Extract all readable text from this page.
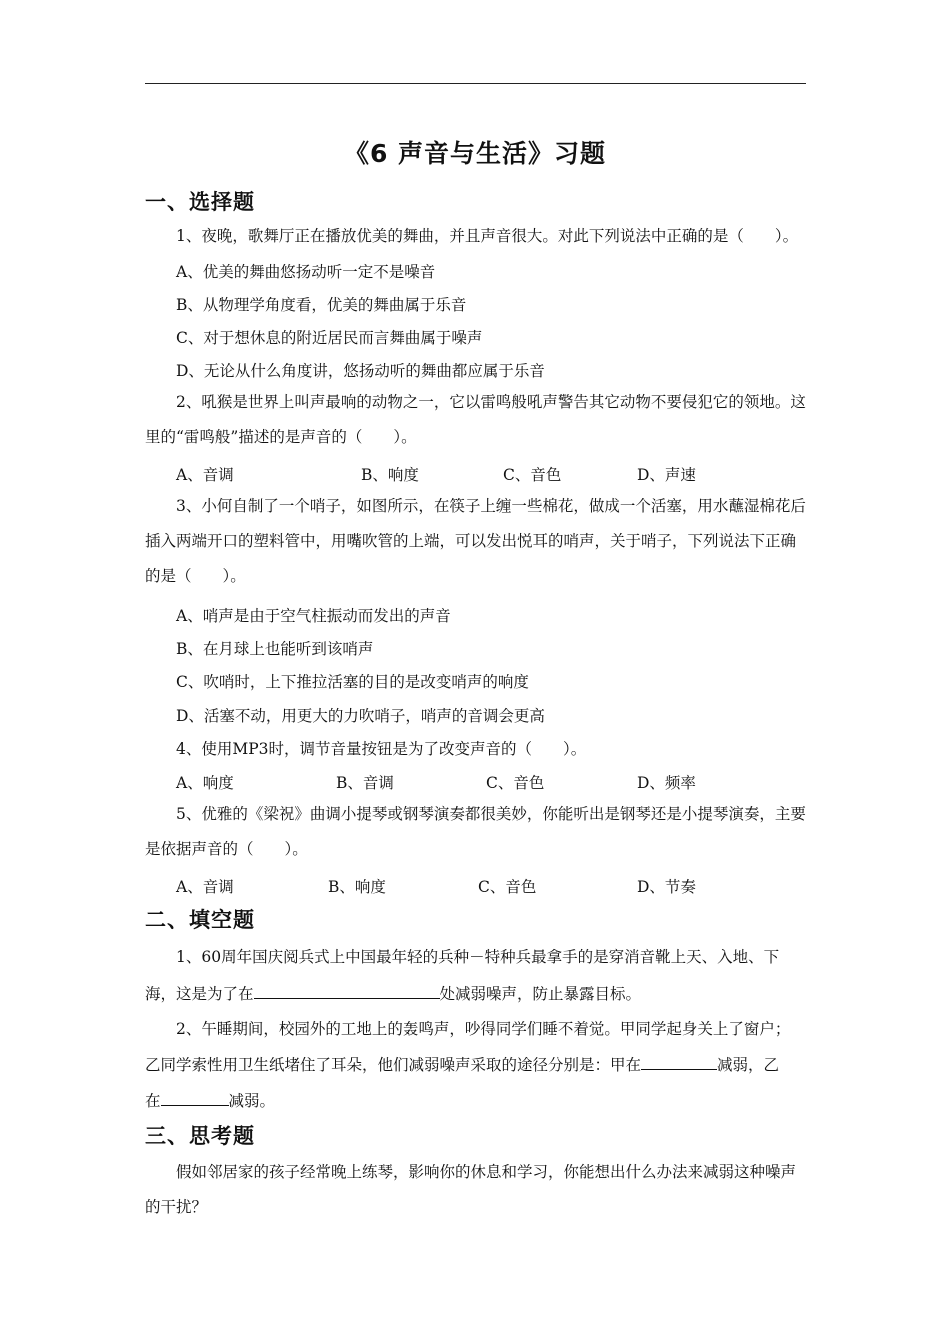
《6 声音与生活》习题
一、选择题
1、夜晚，歌舞厅正在播放优美的舞曲，并且声音很大。对此下列说法中正确的是（　　）。
A、优美的舞曲悠扬动听一定不是噪音
B、从物理学角度看，优美的舞曲属于乐音
C、对于想休息的附近居民而言舞曲属于噪声
D、无论从什么角度讲，悠扬动听的舞曲都应属于乐音
2、吼猴是世界上叫声最响的动物之一，它以雷鸣般吼声警告其它动物不要侵犯它的领地。这里的“雷鸣般”描述的是声音的（　　）。
A、音调	B、响度	C、音色	D、声速
3、小何自制了一个哨子，如图所示，在筷子上缠一些棉花，做成一个活塞，用水蘸湿棉花后插入两端开口的塑料管中，用嘴吹管的上端，可以发出悦耳的哨声，关于哨子，下列说法下正确的是（　　）。
A、哨声是由于空气柱振动而发出的声音
B、在月球上也能听到该哨声
C、吹哨时，上下推拉活塞的目的是改变哨声的响度
D、活塞不动，用更大的力吹哨子，哨声的音调会更高
4、使用MP3时，调节音量按钮是为了改变声音的（　　）。
A、响度	B、音调	C、音色	D、频率
5、优雅的《梁祝》曲调小提琴或钢琴演奏都很美妙，你能听出是钢琴还是小提琴演奏，主要是依据声音的（　　）。
A、音调	B、响度	C、音色	D、节奏
二、填空题
1、60周年国庆阅兵式上中国最年轻的兵种－特种兵最拿手的是穿消音靴上天、入地、下
海，这是为了在	处减弱噪声，防止暴露目标。
2、午睡期间，校园外的工地上的轰鸣声，吵得同学们睡不着觉。甲同学起身关上了窗户；
乙同学索性用卫生纸堵住了耳朵，他们减弱噪声采取的途径分别是：甲在	减弱，乙
在	减弱。
三、思考题
假如邻居家的孩子经常晚上练琴，影响你的休息和学习，你能想出什么办法来减弱这种噪声的干扰？
